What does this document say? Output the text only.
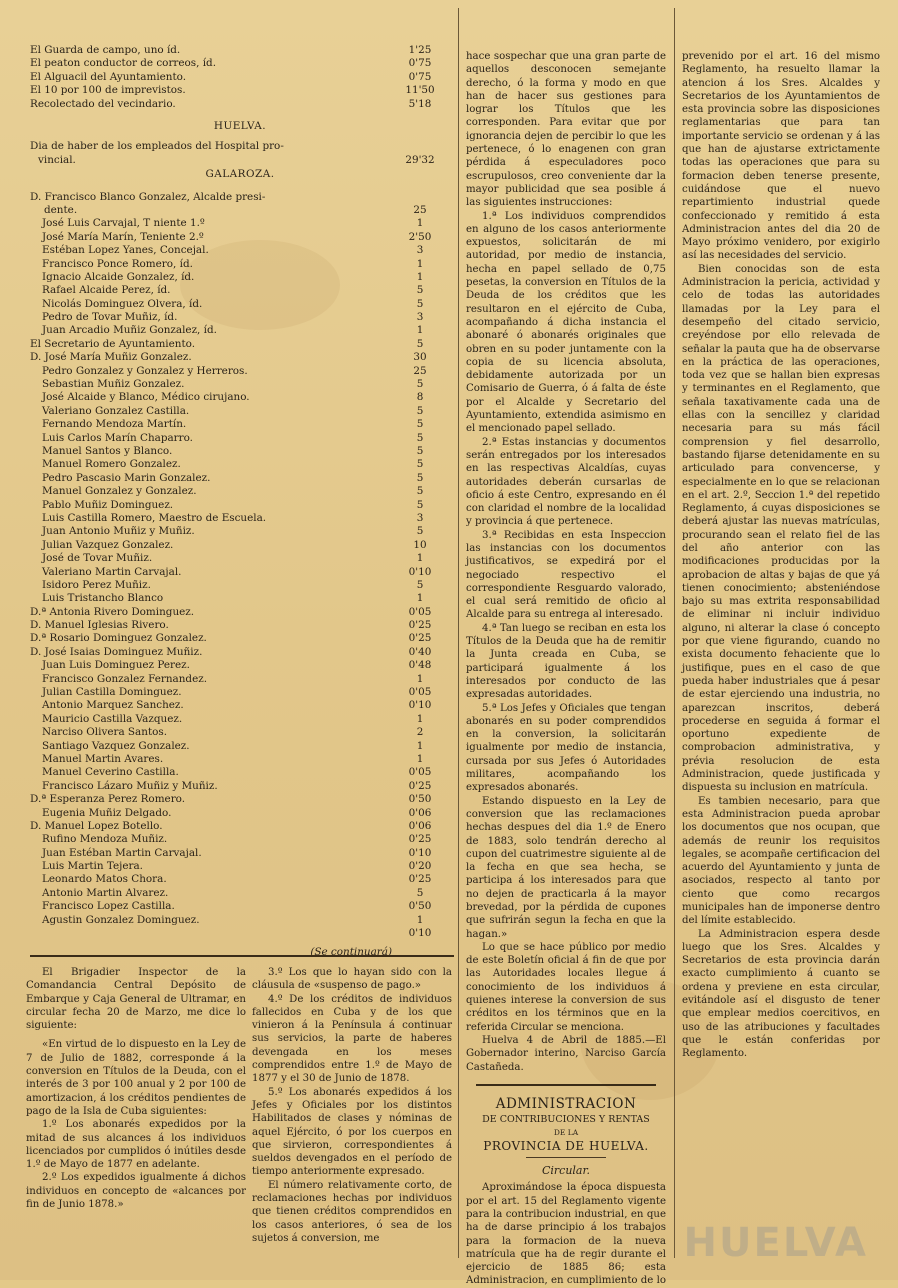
El Guarda de campo, uno íd.	1'25
El peaton conductor de correos, íd.	0'75
El Alguacil del Ayuntamiento.	0'75
El 10 por 100 de imprevistos.	11'50
Recolectado del vecindario.	5'18
HUELVA.
Dia de haber de los empleados del Hospital pro-
vincial.	29'32
GALAROZA.
D. Francisco Blanco Gonzalez, Alcalde presi-
dente.	25
José Luis Carvajal, T niente 1.º	1
José María Marín, Teniente 2.º	2'50
Estéban Lopez Yanes, Concejal.	3
Francisco Ponce Romero, íd.	1
Ignacio Alcaide Gonzalez, íd.	1
Rafael Alcaide Perez, íd.	5
Nicolás Dominguez Olvera, íd.	5
Pedro de Tovar Muñiz, íd.	3
Juan Arcadio Muñiz Gonzalez, íd.	1
El Secretario de Ayuntamiento.	5
D. José María Muñiz Gonzalez.	30
Pedro Gonzalez y Gonzalez y Herreros.	25
Sebastian Muñiz Gonzalez.	5
José Alcaide y Blanco, Médico cirujano.	8
Valeriano Gonzalez Castilla.	5
Fernando Mendoza Martín.	5
Luis Carlos Marín Chaparro.	5
Manuel Santos y Blanco.	5
Manuel Romero Gonzalez.	5
Pedro Pascasio Marin Gonzalez.	5
Manuel Gonzalez y Gonzalez.	5
Pablo Muñiz Dominguez.	5
Luis Castilla Romero, Maestro de Escuela.	3
Juan Antonio Muñiz y Muñiz.	5
Julian Vazquez Gonzalez.	10
José de Tovar Muñiz.	1
Valeriano Martin Carvajal.	0'10
Isidoro Perez Muñiz.	5
Luis Tristancho Blanco	1
D.ª Antonia Rivero Dominguez.	0'05
D. Manuel Iglesias Rivero.	0'25
D.ª Rosario Dominguez Gonzalez.	0'25
D. José Isaias Dominguez Muñiz.	0'40
Juan Luis Dominguez Perez.	0'48
Francisco Gonzalez Fernandez.	1
Julian Castilla Dominguez.	0'05
Antonio Marquez Sanchez.	0'10
Mauricio Castilla Vazquez.	1
Narciso Olivera Santos.	2
Santiago Vazquez Gonzalez.	1
Manuel Martin Avares.	1
Manuel Ceverino Castilla.	0'05
Francisco Lázaro Muñiz y Muñiz.	0'25
D.ª Esperanza Perez Romero.	0'50
Eugenia Muñiz Delgado.	0'06
D. Manuel Lopez Botello.	0'06
Rufino Mendoza Muñiz.	0'25
Juan Estéban Martin Carvajal.	0'10
Luis Martin Tejera.	0'20
Leonardo Matos Chora.	0'25
Antonio Martin Alvarez.	5
Francisco Lopez Castilla.	0'50
Agustin Gonzalez Dominguez.	1
0'10
(Se continuará)

El Brigadier Inspector de la Comandancia Central Depósito de Embarque y Caja General de Ultramar, en circular fecha 20 de Marzo, me dice lo siguiente:

«En virtud de lo dispuesto en la Ley de 7 de Julio de 1882, corresponde á la conversion en Títulos de la Deuda, con el interés de 3 por 100 anual y 2 por 100 de amortizacion, á los créditos pendientes de pago de la Isla de Cuba siguientes:

1.º Los abonarés expedidos por la mitad de sus alcances á los individuos licenciados por cumplidos ó inútiles desde 1.º de Mayo de 1877 en adelante.

2.º Los expedidos igualmente á dichos individuos en concepto de «alcances por fin de Junio 1878.»

3.º Los que lo hayan sido con la cláusula de «suspenso de pago.»

4.º De los créditos de individuos fallecidos en Cuba y de los que vinieron á la Península á continuar sus servicios, la parte de haberes devengada en los meses comprendidos entre 1.º de Mayo de 1877 y el 30 de Junio de 1878.

5.º Los abonarés expedidos á los Jefes y Oficiales por los distintos Habilitados de clases y nóminas de aquel Ejército, ó por los cuerpos en que sirvieron, correspondientes á sueldos devengados en el período de tiempo anteriormente expresado.

El número relativamente corto, de reclamaciones hechas por individuos que tienen créditos comprendidos en los casos anteriores, ó sea de los sujetos á conversion, me

hace sospechar que una gran parte de aquellos desconocen semejante derecho, ó la forma y modo en que han de hacer sus gestiones para lograr los Títulos que les corresponden. Para evitar que por ignorancia dejen de percibir lo que les pertenece, ó lo enagenen con gran pérdida á especuladores poco escrupulosos, creo conveniente dar la mayor publicidad que sea posible á las siguientes instrucciones:

1.ª Los individuos comprendidos en alguno de los casos anteriormente expuestos, solicitarán de mi autoridad, por medio de instancia, hecha en papel sellado de 0,75 pesetas, la conversion en Títulos de la Deuda de los créditos que les resultaron en el ejército de Cuba, acompañando á dicha instancia el abonaré ó abonarés originales que obren en su poder juntamente con la copia de su licencia absoluta, debidamente autorizada por un Comisario de Guerra, ó á falta de éste por el Alcalde y Secretario del Ayuntamiento, extendida asimismo en el mencionado papel sellado.

2.ª Estas instancias y documentos serán entregados por los interesados en las respectivas Alcaldías, cuyas autoridades deberán cursarlas de oficio á este Centro, expresando en él con claridad el nombre de la localidad y provincia á que pertenece.

3.ª Recibidas en esta Inspeccion las instancias con los documentos justificativos, se expedirá por el negociado respectivo el correspondiente Resguardo valorado, el cual será remitido de oficio al Alcalde para su entrega al interesado.

4.ª Tan luego se reciban en esta los Títulos de la Deuda que ha de remitir la Junta creada en Cuba, se participará igualmente á los interesados por conducto de las expresadas autoridades.

5.ª Los Jefes y Oficiales que tengan abonarés en su poder comprendidos en la conversion, la solicitarán igualmente por medio de instancia, cursada por sus Jefes ó Autoridades militares, acompañando los expresados abonarés.

Estando dispuesto en la Ley de conversion que las reclamaciones hechas despues del dia 1.º de Enero de 1883, solo tendrán derecho al cupon del cuatrimestre siguiente al de la fecha en que sea hecha, se participa á los interesados para que no dejen de practicarla á la mayor brevedad, por la pérdida de cupones que sufrirán segun la fecha en que la hagan.»

Lo que se hace público por medio de este Boletín oficial á fin de que por las Autoridades locales llegue á conocimiento de los individuos á quienes interese la conversion de sus créditos en los términos que en la referida Circular se menciona.

Huelva 4 de Abril de 1885.—El Gobernador interino, Narciso García Castañeda.

ADMINISTRACION
DE CONTRIBUCIONES Y RENTAS
DE LA
PROVINCIA DE HUELVA.
Circular.

Aproximándose la época dispuesta por el art. 15 del Reglamento vigente para la contribucion industrial, en que ha de darse principio á los trabajos para la formacion de la nueva matrícula que ha de regir durante el ejercicio de 1885 86; esta Administracion, en cumplimiento de lo

prevenido por el art. 16 del mismo Reglamento, ha resuelto llamar la atencion á los Sres. Alcaldes y Secretarios de los Ayuntamientos de esta provincia sobre las disposiciones reglamentarias que para tan importante servicio se ordenan y á las que han de ajustarse extrictamente todas las operaciones que para su formacion deben tenerse presente, cuidándose que el nuevo repartimiento industrial quede confeccionado y remitido á esta Administracion antes del dia 20 de Mayo próximo venidero, por exigirlo así las necesidades del servicio.

Bien conocidas son de esta Administracion la pericia, actividad y celo de todas las autoridades llamadas por la Ley para el desempeño del citado servicio, creyéndose por ello relevada de señalar la pauta que ha de observarse en la práctica de las operaciones, toda vez que se hallan bien expresas y terminantes en el Reglamento, que señala taxativamente cada una de ellas con la sencillez y claridad necesaria para su más fácil comprension y fiel desarrollo, bastando fijarse detenidamente en su articulado para convencerse, y especialmente en lo que se relacionan en el art. 2.º, Seccion 1.ª del repetido Reglamento, á cuyas disposiciones se deberá ajustar las nuevas matrículas, procurando sean el relato fiel de las del año anterior con las modificaciones producidas por la aprobacion de altas y bajas de que yá tienen conocimiento; absteniéndose bajo su mas extrita responsabilidad de eliminar ni incluir individuo alguno, ni alterar la clase ó concepto por que viene figurando, cuando no exista documento fehaciente que lo justifique, pues en el caso de que pueda haber industriales que á pesar de estar ejerciendo una industria, no aparezcan inscritos, deberá procederse en seguida á formar el oportuno expediente de comprobacion administrativa, y prévia resolucion de esta Administracion, quede justificada y dispuesta su inclusion en matrícula.

Es tambien necesario, para que esta Administracion pueda aprobar los documentos que nos ocupan, que además de reunir los requisitos legales, se acompañe certificacion del acuerdo del Ayuntamiento y junta de asociados, respecto al tanto por ciento que como recargos municipales han de imponerse dentro del límite establecido.

La Administracion espera desde luego que los Sres. Alcaldes y Secretarios de esta provincia darán exacto cumplimiento á cuanto se ordena y previene en esta circular, evitándole así el disgusto de tener que emplear medios coercitivos, en uso de las atribuciones y facultades que le están conferidas por Reglamento.

HUELVA
